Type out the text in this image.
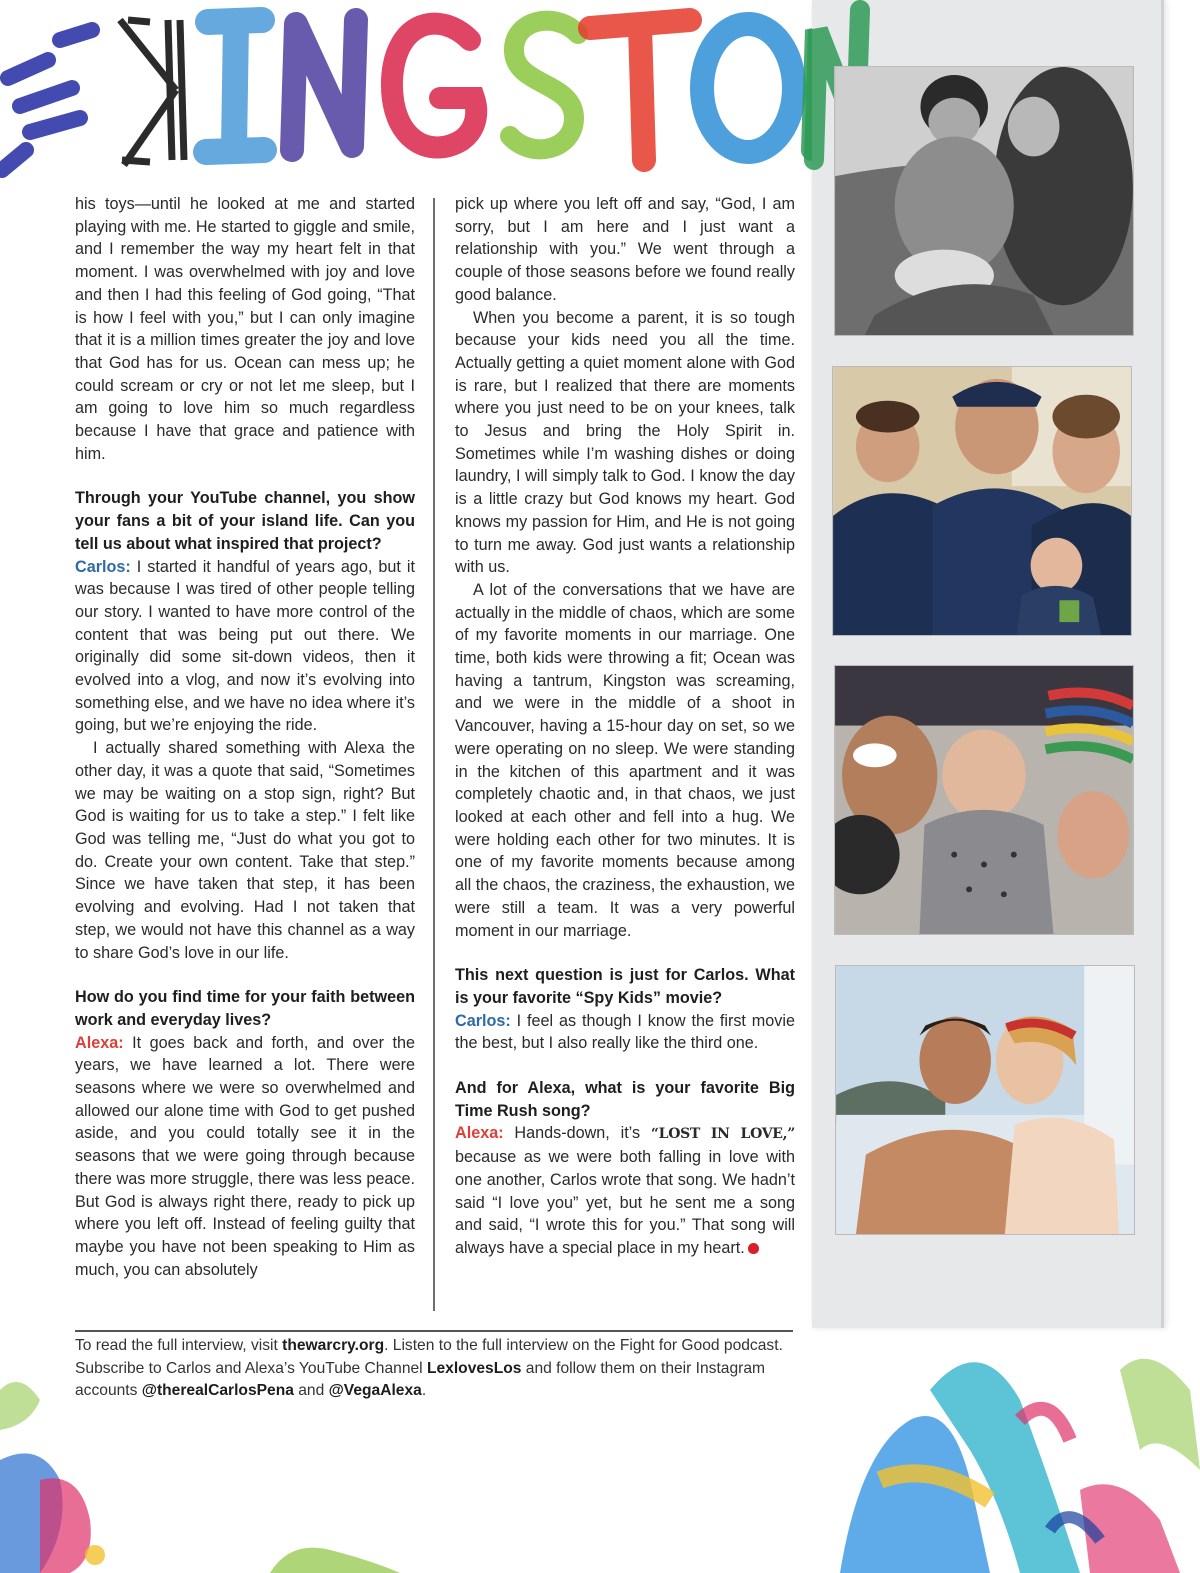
his toys—until he looked at me and started playing with me. He started to giggle and smile, and I remember the way my heart felt in that moment. I was overwhelmed with joy and love and then I had this feeling of God going, “That is how I feel with you,” but I can only imagine that it is a million times greater the joy and love that God has for us. Ocean can mess up; he could scream or cry or not let me sleep, but I am going to love him so much regardless because I have that grace and patience with him.

Through your YouTube channel, you show your fans a bit of your island life. Can you tell us about what inspired that project?

Carlos: I started it handful of years ago, but it was because I was tired of other people telling our story. I wanted to have more control of the content that was being put out there. We originally did some sit-down videos, then it evolved into a vlog, and now it’s evolving into something else, and we have no idea where it’s going, but we’re enjoying the ride.

I actually shared something with Alexa the other day, it was a quote that said, “Sometimes we may be waiting on a stop sign, right? But God is waiting for us to take a step.” I felt like God was telling me, “Just do what you got to do. Create your own content. Take that step.” Since we have taken that step, it has been evolving and evolving. Had I not taken that step, we would not have this channel as a way to share God’s love in our life.

How do you find time for your faith between work and everyday lives?

Alexa: It goes back and forth, and over the years, we have learned a lot. There were seasons where we were so overwhelmed and allowed our alone time with God to get pushed aside, and you could totally see it in the seasons that we were going through because there was more struggle, there was less peace. But God is always right there, ready to pick up where you left off. Instead of feeling guilty that maybe you have not been speaking to Him as much, you can absolutely

pick up where you left off and say, “God, I am sorry, but I am here and I just want a relationship with you.” We went through a couple of those seasons before we found really good balance.

When you become a parent, it is so tough because your kids need you all the time. Actually getting a quiet moment alone with God is rare, but I realized that there are moments where you just need to be on your knees, talk to Jesus and bring the Holy Spirit in. Sometimes while I’m washing dishes or doing laundry, I will simply talk to God. I know the day is a little crazy but God knows my heart. God knows my passion for Him, and He is not going to turn me away. God just wants a relationship with us.

A lot of the conversations that we have are actually in the middle of chaos, which are some of my favorite moments in our marriage. One time, both kids were throwing a fit; Ocean was having a tantrum, Kingston was screaming, and we were in the middle of a shoot in Vancouver, having a 15-hour day on set, so we were operating on no sleep. We were standing in the kitchen of this apartment and it was completely chaotic and, in that chaos, we just looked at each other and fell into a hug. We were holding each other for two minutes. It is one of my favorite moments because among all the chaos, the craziness, the exhaustion, we were still a team. It was a very powerful moment in our marriage.

This next question is just for Carlos. What is your favorite “Spy Kids” movie?

Carlos: I feel as though I know the first movie the best, but I also really like the third one.

And for Alexa, what is your favorite Big Time Rush song?

Alexa: Hands-down, it’s “LOST IN LOVE,” because as we were both falling in love with one another, Carlos wrote that song. We hadn’t said “I love you” yet, but he sent me a song and said, “I wrote this for you.” That song will always have a special place in my heart.

To read the full interview, visit thewarcry.org. Listen to the full interview on the Fight for Good podcast. Subscribe to Carlos and Alexa’s YouTube Channel LexlovesLos and follow them on their Instagram accounts @therealCarlosPena and @VegaAlexa.
